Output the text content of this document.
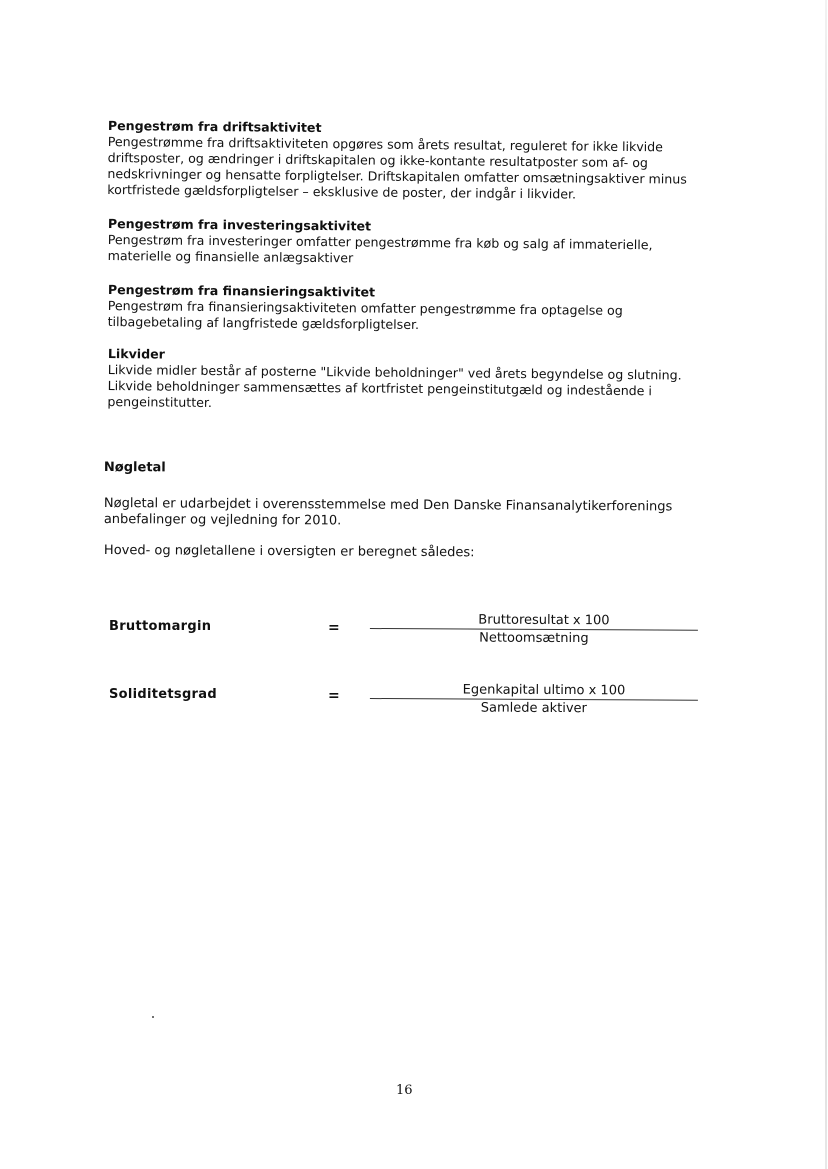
Pengestrøm fra driftsaktivitet
Pengestrømme fra driftsaktiviteten opgøres som årets resultat, reguleret for ikke likvide
driftsposter, og ændringer i driftskapitalen og ikke-kontante resultatposter som af- og
nedskrivninger og hensatte forpligtelser. Driftskapitalen omfatter omsætningsaktiver minus
kortfristede gældsforpligtelser – eksklusive de poster, der indgår i likvider.
Pengestrøm fra investeringsaktivitet
Pengestrøm fra investeringer omfatter pengestrømme fra køb og salg af immaterielle,
materielle og finansielle anlægsaktiver
Pengestrøm fra finansieringsaktivitet
Pengestrøm fra finansieringsaktiviteten omfatter pengestrømme fra optagelse og
tilbagebetaling af langfristede gældsforpligtelser.
Likvider
Likvide midler består af posterne "Likvide beholdninger" ved årets begyndelse og slutning.
Likvide beholdninger sammensættes af kortfristet pengeinstitutgæld og indestående i
pengeinstitutter.
Nøgletal
Nøgletal er udarbejdet i overensstemmelse med Den Danske Finansanalytikerforenings
anbefalinger og vejledning for 2010.
Hoved- og nøgletallene i oversigten er beregnet således:
Bruttomargin	=	Bruttoresultat x 100
Nettoomsætning
Soliditetsgrad	=	Egenkapital ultimo x 100
Samlede aktiver
16
